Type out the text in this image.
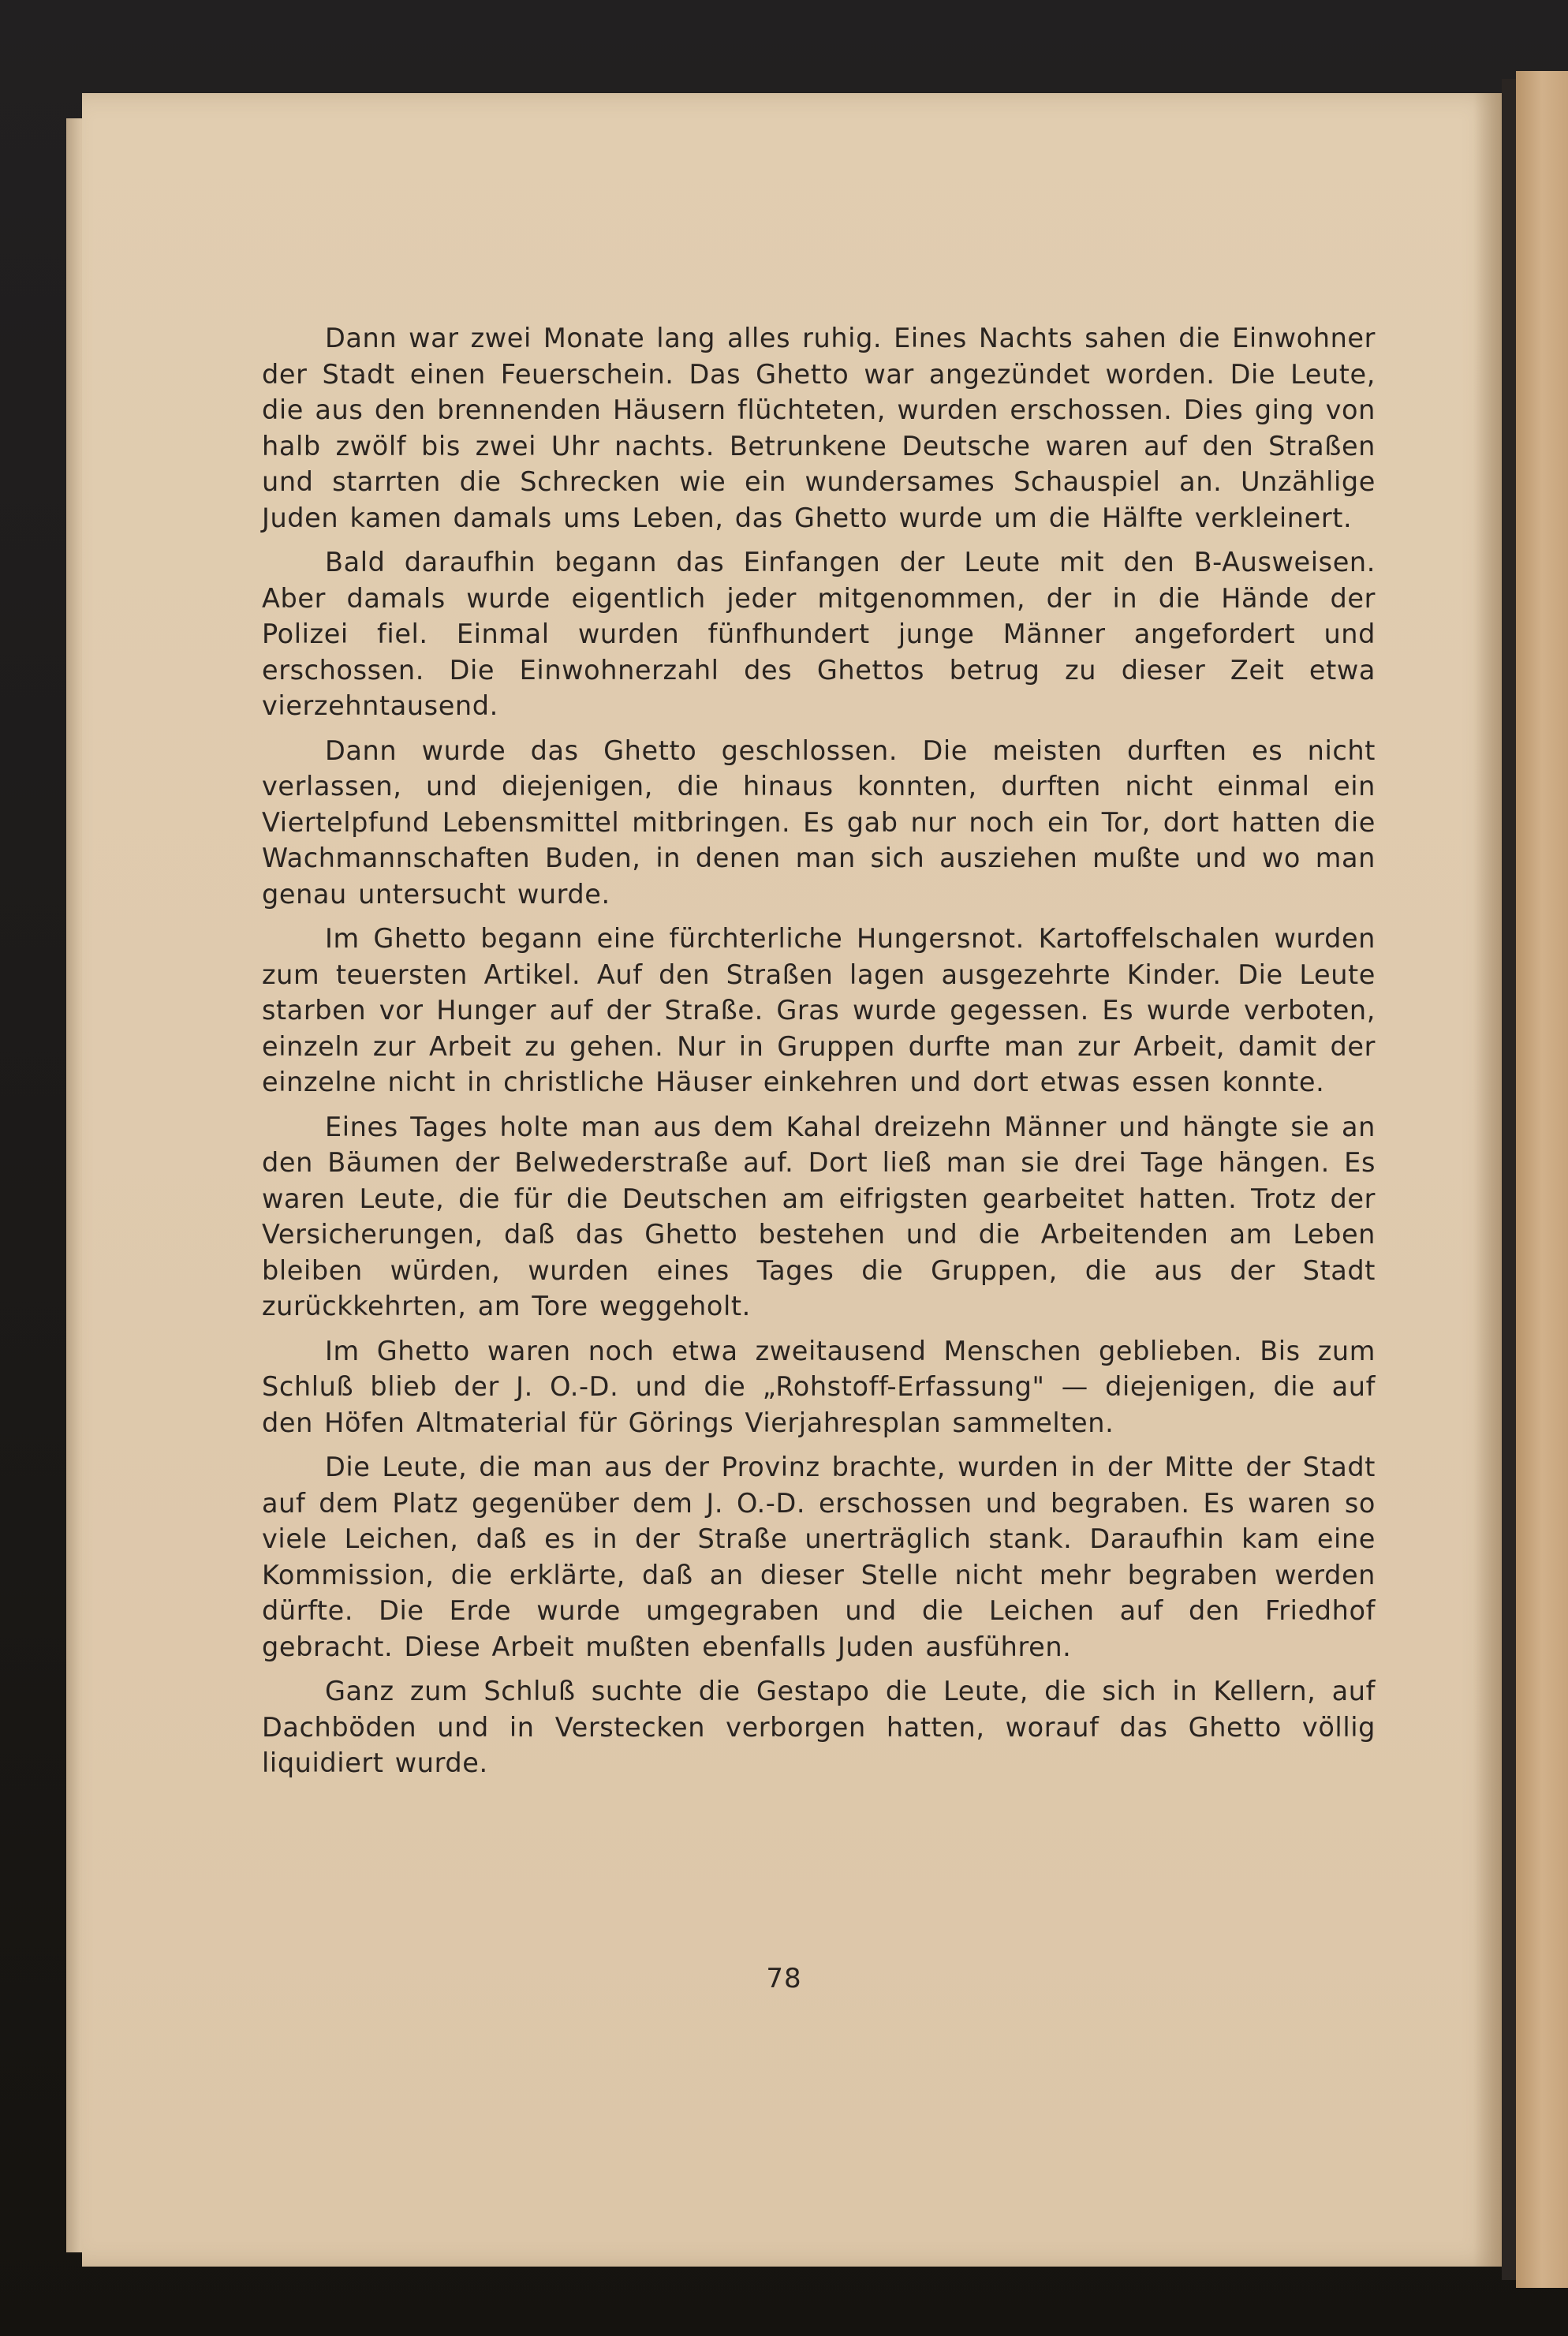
Dann war zwei Monate lang alles ruhig. Eines Nachts sahen die Einwohner der Stadt einen Feuerschein. Das Ghetto war angezündet worden. Die Leute, die aus den brennenden Häusern flüchteten, wurden erschossen. Dies ging von halb zwölf bis zwei Uhr nachts. Betrunkene Deutsche waren auf den Straßen und starrten die Schrecken wie ein wundersames Schauspiel an. Unzählige Juden kamen damals ums Leben, das Ghetto wurde um die Hälfte verkleinert.

Bald daraufhin begann das Einfangen der Leute mit den B-Ausweisen. Aber damals wurde eigentlich jeder mitgenommen, der in die Hände der Polizei fiel. Einmal wurden fünfhundert junge Männer angefordert und erschossen. Die Einwohnerzahl des Ghettos betrug zu dieser Zeit etwa vierzehntausend.

Dann wurde das Ghetto geschlossen. Die meisten durften es nicht verlassen, und diejenigen, die hinaus konnten, durften nicht einmal ein Viertelpfund Lebensmittel mitbringen. Es gab nur noch ein Tor, dort hatten die Wachmannschaften Buden, in denen man sich ausziehen mußte und wo man genau untersucht wurde.

Im Ghetto begann eine fürchterliche Hungersnot. Kartoffelschalen wurden zum teuersten Artikel. Auf den Straßen lagen ausgezehrte Kinder. Die Leute starben vor Hunger auf der Straße. Gras wurde gegessen. Es wurde verboten, einzeln zur Arbeit zu gehen. Nur in Gruppen durfte man zur Arbeit, damit der einzelne nicht in christliche Häuser einkehren und dort etwas essen konnte.

Eines Tages holte man aus dem Kahal dreizehn Männer und hängte sie an den Bäumen der Belwederstraße auf. Dort ließ man sie drei Tage hängen. Es waren Leute, die für die Deutschen am eifrigsten gearbeitet hatten. Trotz der Versicherungen, daß das Ghetto bestehen und die Arbeitenden am Leben bleiben würden, wurden eines Tages die Gruppen, die aus der Stadt zurückkehrten, am Tore weggeholt.

Im Ghetto waren noch etwa zweitausend Menschen geblieben. Bis zum Schluß blieb der J. O.-D. und die „Rohstoff-Erfassung" — diejenigen, die auf den Höfen Altmaterial für Görings Vierjahresplan sammelten.

Die Leute, die man aus der Provinz brachte, wurden in der Mitte der Stadt auf dem Platz gegenüber dem J. O.-D. erschossen und begraben. Es waren so viele Leichen, daß es in der Straße unerträglich stank. Daraufhin kam eine Kommission, die erklärte, daß an dieser Stelle nicht mehr begraben werden dürfte. Die Erde wurde umgegraben und die Leichen auf den Friedhof gebracht. Diese Arbeit mußten ebenfalls Juden ausführen.

Ganz zum Schluß suchte die Gestapo die Leute, die sich in Kellern, auf Dachböden und in Verstecken verborgen hatten, worauf das Ghetto völlig liquidiert wurde.

78
